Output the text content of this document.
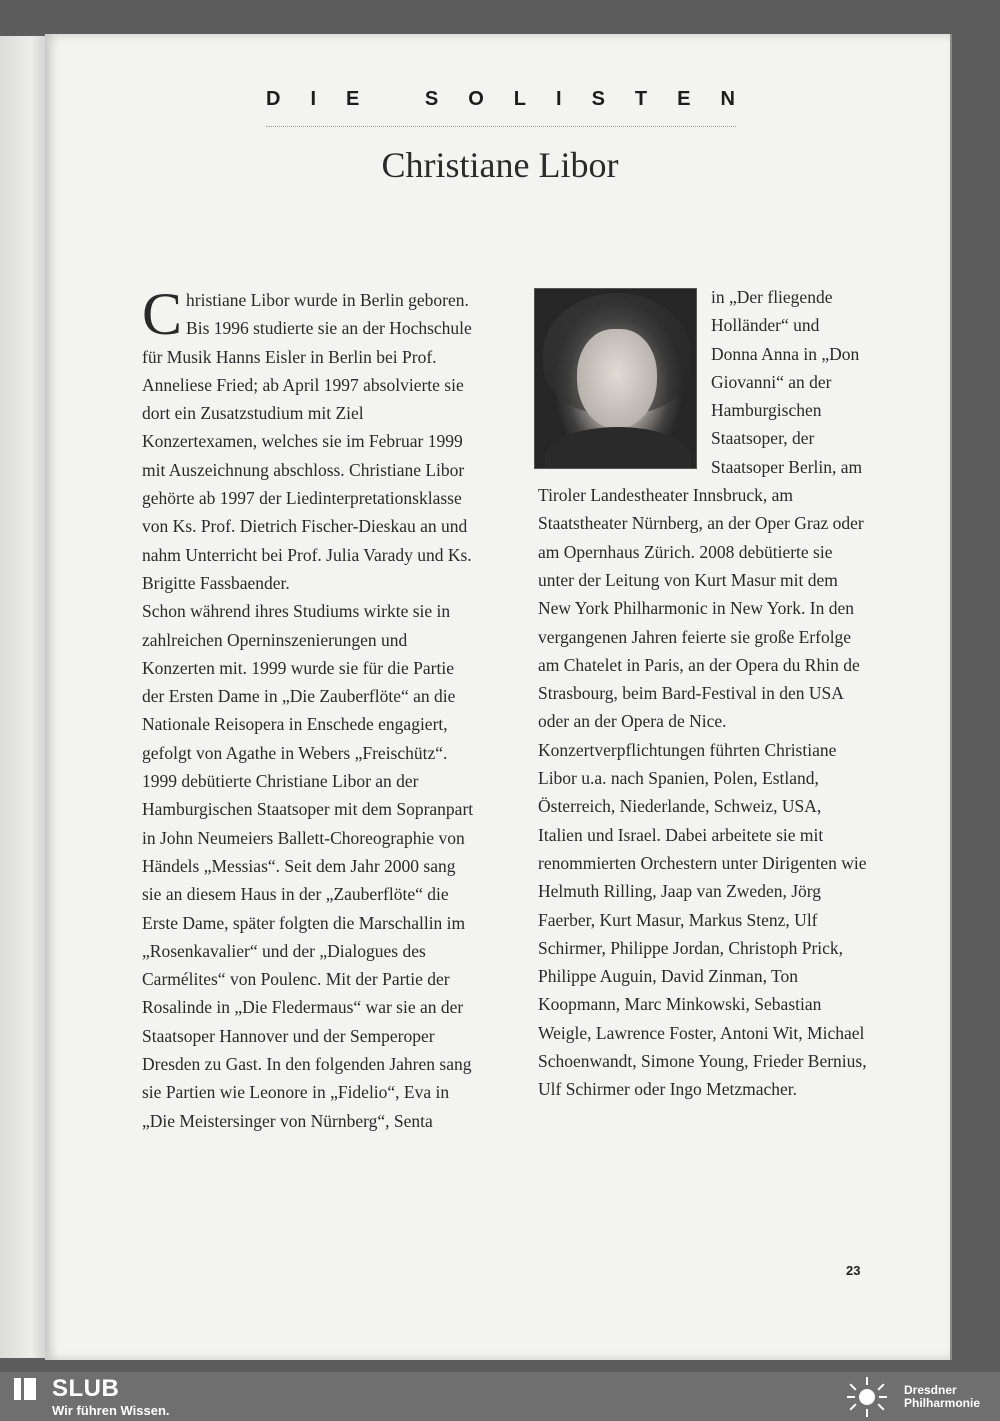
DIE SOLISTEN
Christiane Libor
C hristiane Libor wurde in Berlin geboren. Bis 1996 studierte sie an der Hochschule für Musik Hanns Eisler in Berlin bei Prof. Anneliese Fried; ab April 1997 absolvierte sie dort ein Zusatzstudium mit Ziel Konzertexamen, welches sie im Februar 1999 mit Auszeichnung abschloss. Christiane Libor gehörte ab 1997 der Liedinterpretationsklasse von Ks. Prof. Dietrich Fischer-Dieskau an und nahm Unterricht bei Prof. Julia Varady und Ks. Brigitte Fassbaender.

Schon während ihres Studiums wirkte sie in zahlreichen Operninszenierungen und Konzerten mit. 1999 wurde sie für die Partie der Ersten Dame in „Die Zauberflöte“ an die Nationale Reisopera in Enschede engagiert, gefolgt von Agathe in Webers „Freischütz“. 1999 debütierte Christiane Libor an der Hamburgischen Staatsoper mit dem Sopranpart in John Neumeiers Ballett-Choreographie von Händels „Messias“. Seit dem Jahr 2000 sang sie an diesem Haus in der „Zauberflöte“ die Erste Dame, später folgten die Marschallin im „Rosenkavalier“ und der „Dialogues des Carmélites“ von Poulenc. Mit der Partie der Rosalinde in „Die Fledermaus“ war sie an der Staatsoper Hannover und der Semperoper Dresden zu Gast. In den folgenden Jahren sang sie Partien wie Leonore in „Fidelio“, Eva in „Die Meistersinger von Nürnberg“, Senta

in „Der fliegende Holländer“ und Donna Anna in „Don Giovanni“ an der Hamburgischen Staatsoper, der Staatsoper Berlin, am Tiroler Landestheater Innsbruck, am Staatstheater Nürnberg, an der Oper Graz oder am Opernhaus Zürich. 2008 debütierte sie unter der Leitung von Kurt Masur mit dem New York Philharmonic in New York. In den vergangenen Jahren feierte sie große Erfolge am Chatelet in Paris, an der Opera du Rhin de Strasbourg, beim Bard-Festival in den USA oder an der Opera de Nice.

Konzertverpflichtungen führten Christiane Libor u.a. nach Spanien, Polen, Estland, Österreich, Niederlande, Schweiz, USA, Italien und Israel. Dabei arbeitete sie mit renommierten Orchestern unter Dirigenten wie Helmuth Rilling, Jaap van Zweden, Jörg Faerber, Kurt Masur, Markus Stenz, Ulf Schirmer, Philippe Jordan, Christoph Prick, Philippe Auguin, David Zinman, Ton Koopmann, Marc Minkowski, Sebastian Weigle, Lawrence Foster, Antoni Wit, Michael Schoenwandt, Simone Young, Frieder Bernius, Ulf Schirmer oder Ingo Metzmacher.

23
SLUB
Wir führen Wissen.
Dresdner Philharmonie
